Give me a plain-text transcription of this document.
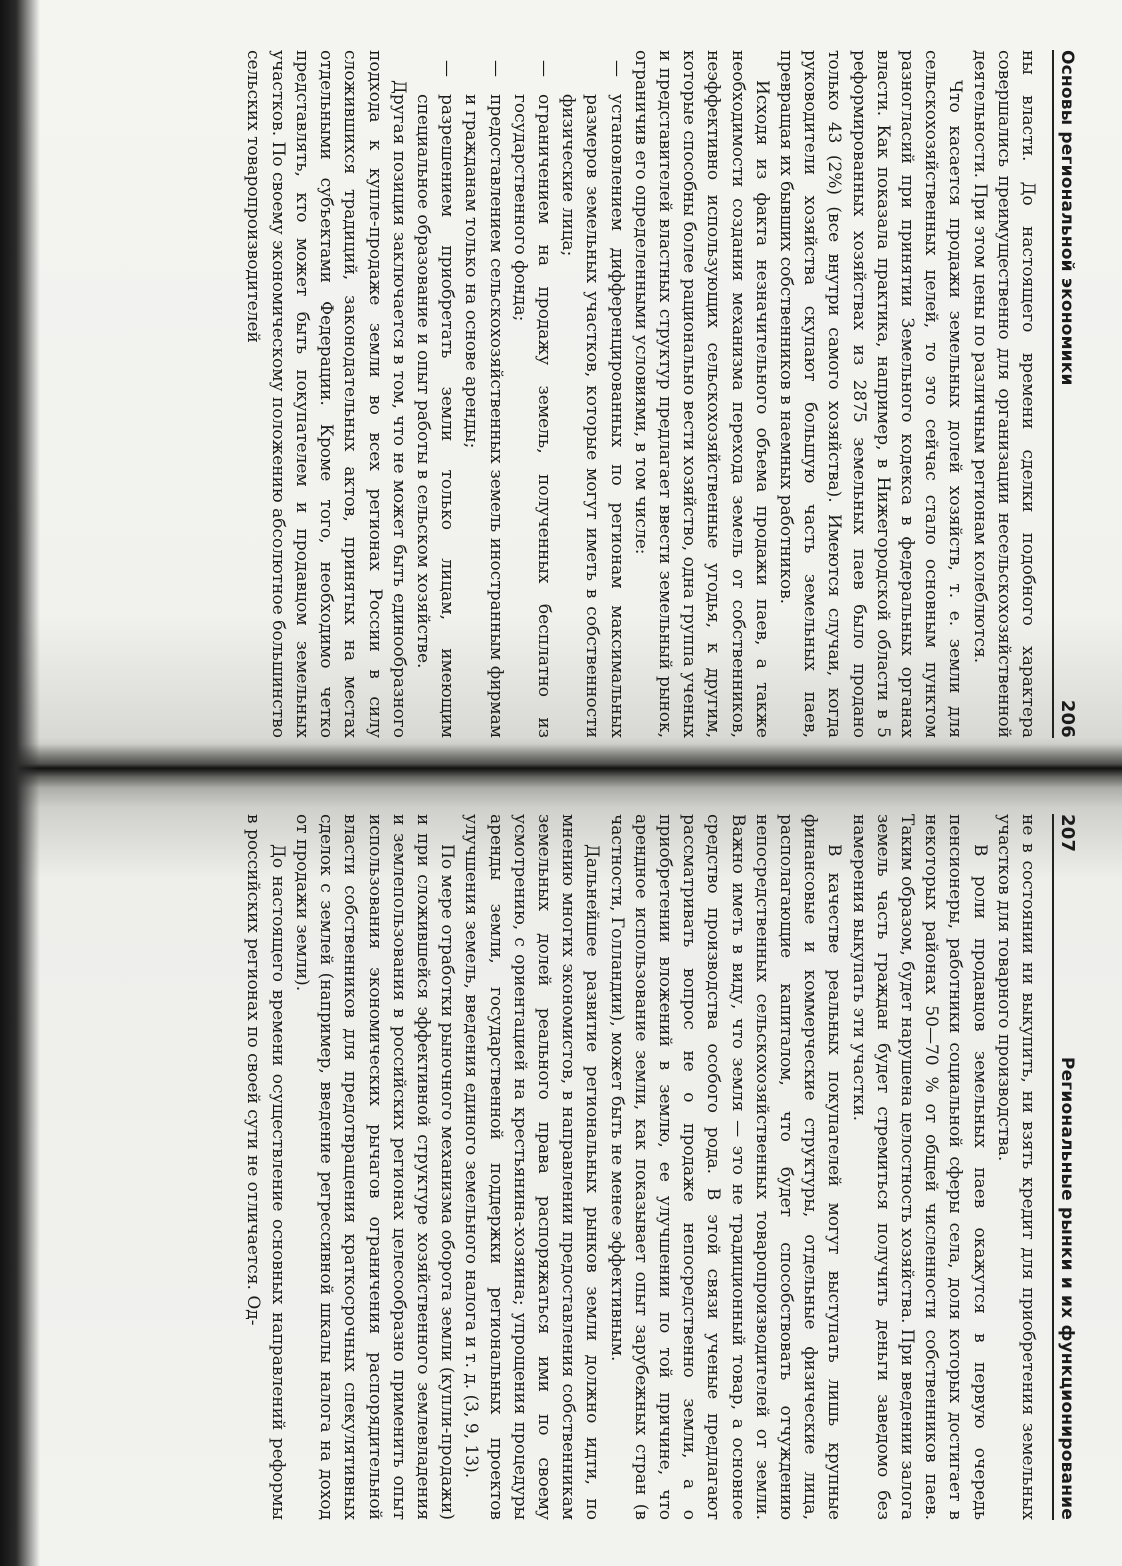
Основы региональной экономики
206

ны власти. До настоящего времени сделки подобного характера совершались преимущественно для организации несельскохозяйственной деятельности. При этом цены по различным регионам колеблются.

Что касается продажи земельных долей хозяйств, т. е. земли для сельскохозяйственных целей, то это сейчас стало основным пунктом разногласий при принятии Земельного кодекса в федеральных органах власти. Как показала практика, например, в Нижегородской области в 5 реформированных хозяйствах из 2875 земельных паев было продано только 43 (2%) (все внутри самого хозяйства). Имеются случаи, когда руководители хозяйства скупают большую часть земельных паев, превращая их бывших собственников в наемных работников.

Исходя из факта незначительного объема продажи паев, а также необходимости создания механизма перехода земель от собственников, неэффективно использующих сельскохозяйственные угодья, к другим, которые способны более рационально вести хозяйство, одна группа ученых и представителей властных структур предлагает ввести земельный рынок, ограничив его определенными условиями, в том числе:

— установлением дифференцированных по регионам максимальных размеров земельных участков, которые могут иметь в собственности физические лица;
— ограничением на продажу земель, полученных бесплатно из государственного фонда;
— предоставлением сельскохозяйственных земель иностранным фирмам и гражданам только на основе аренды;
— разрешением приобретать земли только лицам, имеющим специальное образование и опыт работы в сельском хозяйстве.

Другая позиция заключается в том, что не может быть единообразного подхода к купле-продаже земли во всех регионах России в силу сложившихся традиций, законодательных актов, принятых на местах отдельными субъектами Федерации. Кроме того, необходимо четко представлять, кто может быть покупателем и продавцом земельных участков. По своему экономическому положению абсолютное большинство сельских товаропроизводителей

207
Региональные рынки и их функционирование

не в состоянии ни выкупить, ни взять кредит для приобретения земельных участков для товарного производства.

В роли продавцов земельных паев окажутся в первую очередь пенсионеры, работники социальной сферы села, доля которых достигает в некоторых районах 50—70 % от общей численности собственников паев. Таким образом, будет нарушена целостность хозяйства. При введении залога земель часть граждан будет стремиться получить деньги заведомо без намерения выкупать эти участки.

В качестве реальных покупателей могут выступать лишь крупные финансовые и коммерческие структуры, отдельные физические лица, располагающие капиталом, что будет способствовать отчуждению непосредственных сельскохозяйственных товаропроизводителей от земли. Важно иметь в виду, что земля — это не традиционный товар, а основное средство производства особого рода. В этой связи ученые предлагают рассматривать вопрос не о продаже непосредственно земли, а о приобретении вложений в землю, ее улучшении по той причине, что арендное использование земли, как показывает опыт зарубежных стран (в частности, Голландии), может быть не менее эффективным.

Дальнейшее развитие региональных рынков земли должно идти, по мнению многих экономистов, в направлении предоставления собственникам земельных долей реального права распоряжаться ими по своему усмотрению, с ориентацией на крестьянина-хозяина; упрощения процедуры аренды земли, государственной поддержки региональных проектов улучшения земель, введения единого земельного налога и т. д. (3, 9, 13).

По мере отработки рыночного механизма оборота земли (купли-продажи) и при сложившейся эффективной структуре хозяйственного землевладения и землепользования в российских регионах целесообразно применить опыт использования экономических рычагов ограничения распорядительной власти собственников для предотвращения краткосрочных спекулятивных сделок с землей (например, введение регрессивной шкалы налога на доход от продажи земли).

До настоящего времени осуществление основных направлений реформы в российских регионах по своей сути не отличается. Од-
